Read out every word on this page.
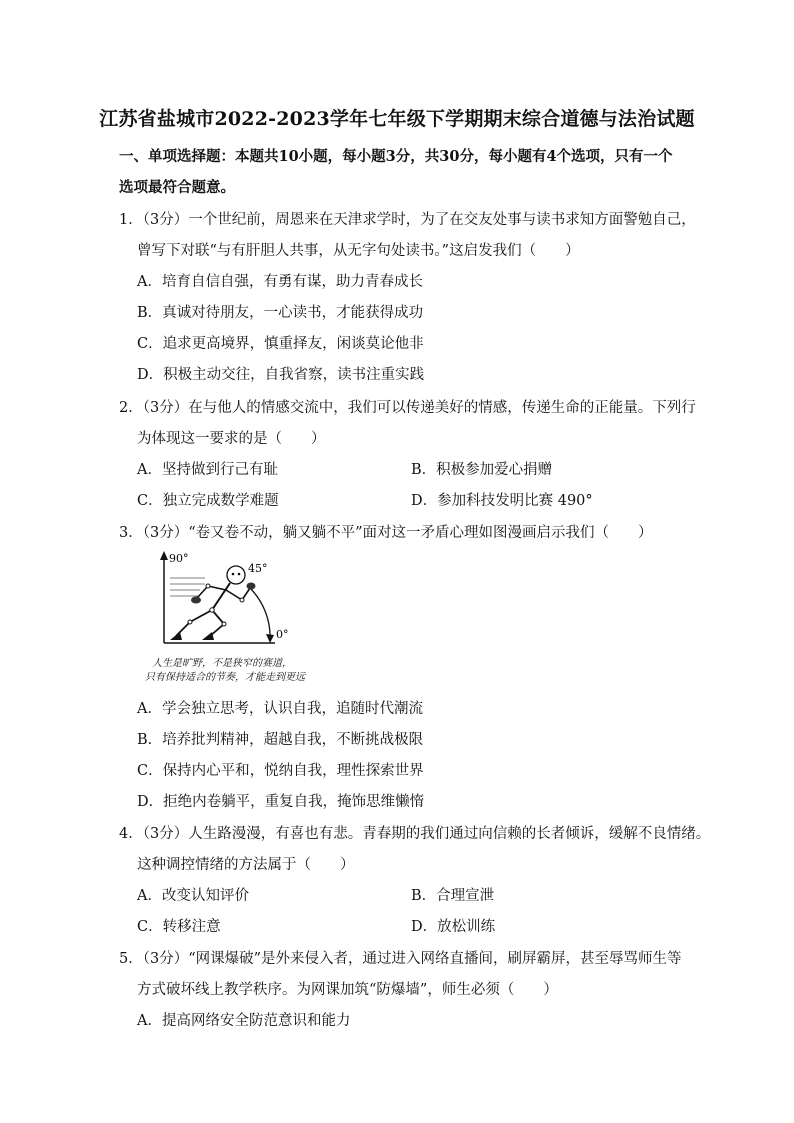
江苏省盐城市2022-2023学年七年级下学期期末综合道德与法治试题
一、单项选择题：本题共10小题，每小题3分，共30分，每小题有4个选项，只有一个
选项最符合题意。
1．（3分）一个世纪前，周恩来在天津求学时，为了在交友处事与读书求知方面警勉自己，
曾写下对联“与有肝胆人共事，从无字句处读书。”这启发我们（　　）
A．培育自信自强，有勇有谋，助力青春成长
B．真诚对待朋友，一心读书，才能获得成功
C．追求更高境界，慎重择友，闲谈莫论他非
D．积极主动交往，自我省察，读书注重实践
2．（3分）在与他人的情感交流中，我们可以传递美好的情感，传递生命的正能量。下列行
为体现这一要求的是（　　）
A．坚持做到行己有耻	B．积极参加爱心捐赠
C．独立完成数学难题	D．参加科技发明比赛 490°
3．（3分）“卷又卷不动，躺又躺不平”面对这一矛盾心理如图漫画启示我们（　　）
90°
45°
0°
人生是旷野，不是狭窄的赛道，
只有保持适合的节奏，才能走到更远
A．学会独立思考，认识自我，追随时代潮流
B．培养批判精神，超越自我，不断挑战极限
C．保持内心平和，悦纳自我，理性探索世界
D．拒绝内卷躺平，重复自我，掩饰思维懒惰
4．（3分）人生路漫漫，有喜也有悲。青春期的我们通过向信赖的长者倾诉，缓解不良情绪。
这种调控情绪的方法属于（　　）
A．改变认知评价	B．合理宣泄
C．转移注意	D．放松训练
5．（3分）“网课爆破”是外来侵入者，通过进入网络直播间，刷屏霸屏，甚至辱骂师生等
方式破坏线上教学秩序。为网课加筑“防爆墙”，师生必须（　　）
A．提高网络安全防范意识和能力
